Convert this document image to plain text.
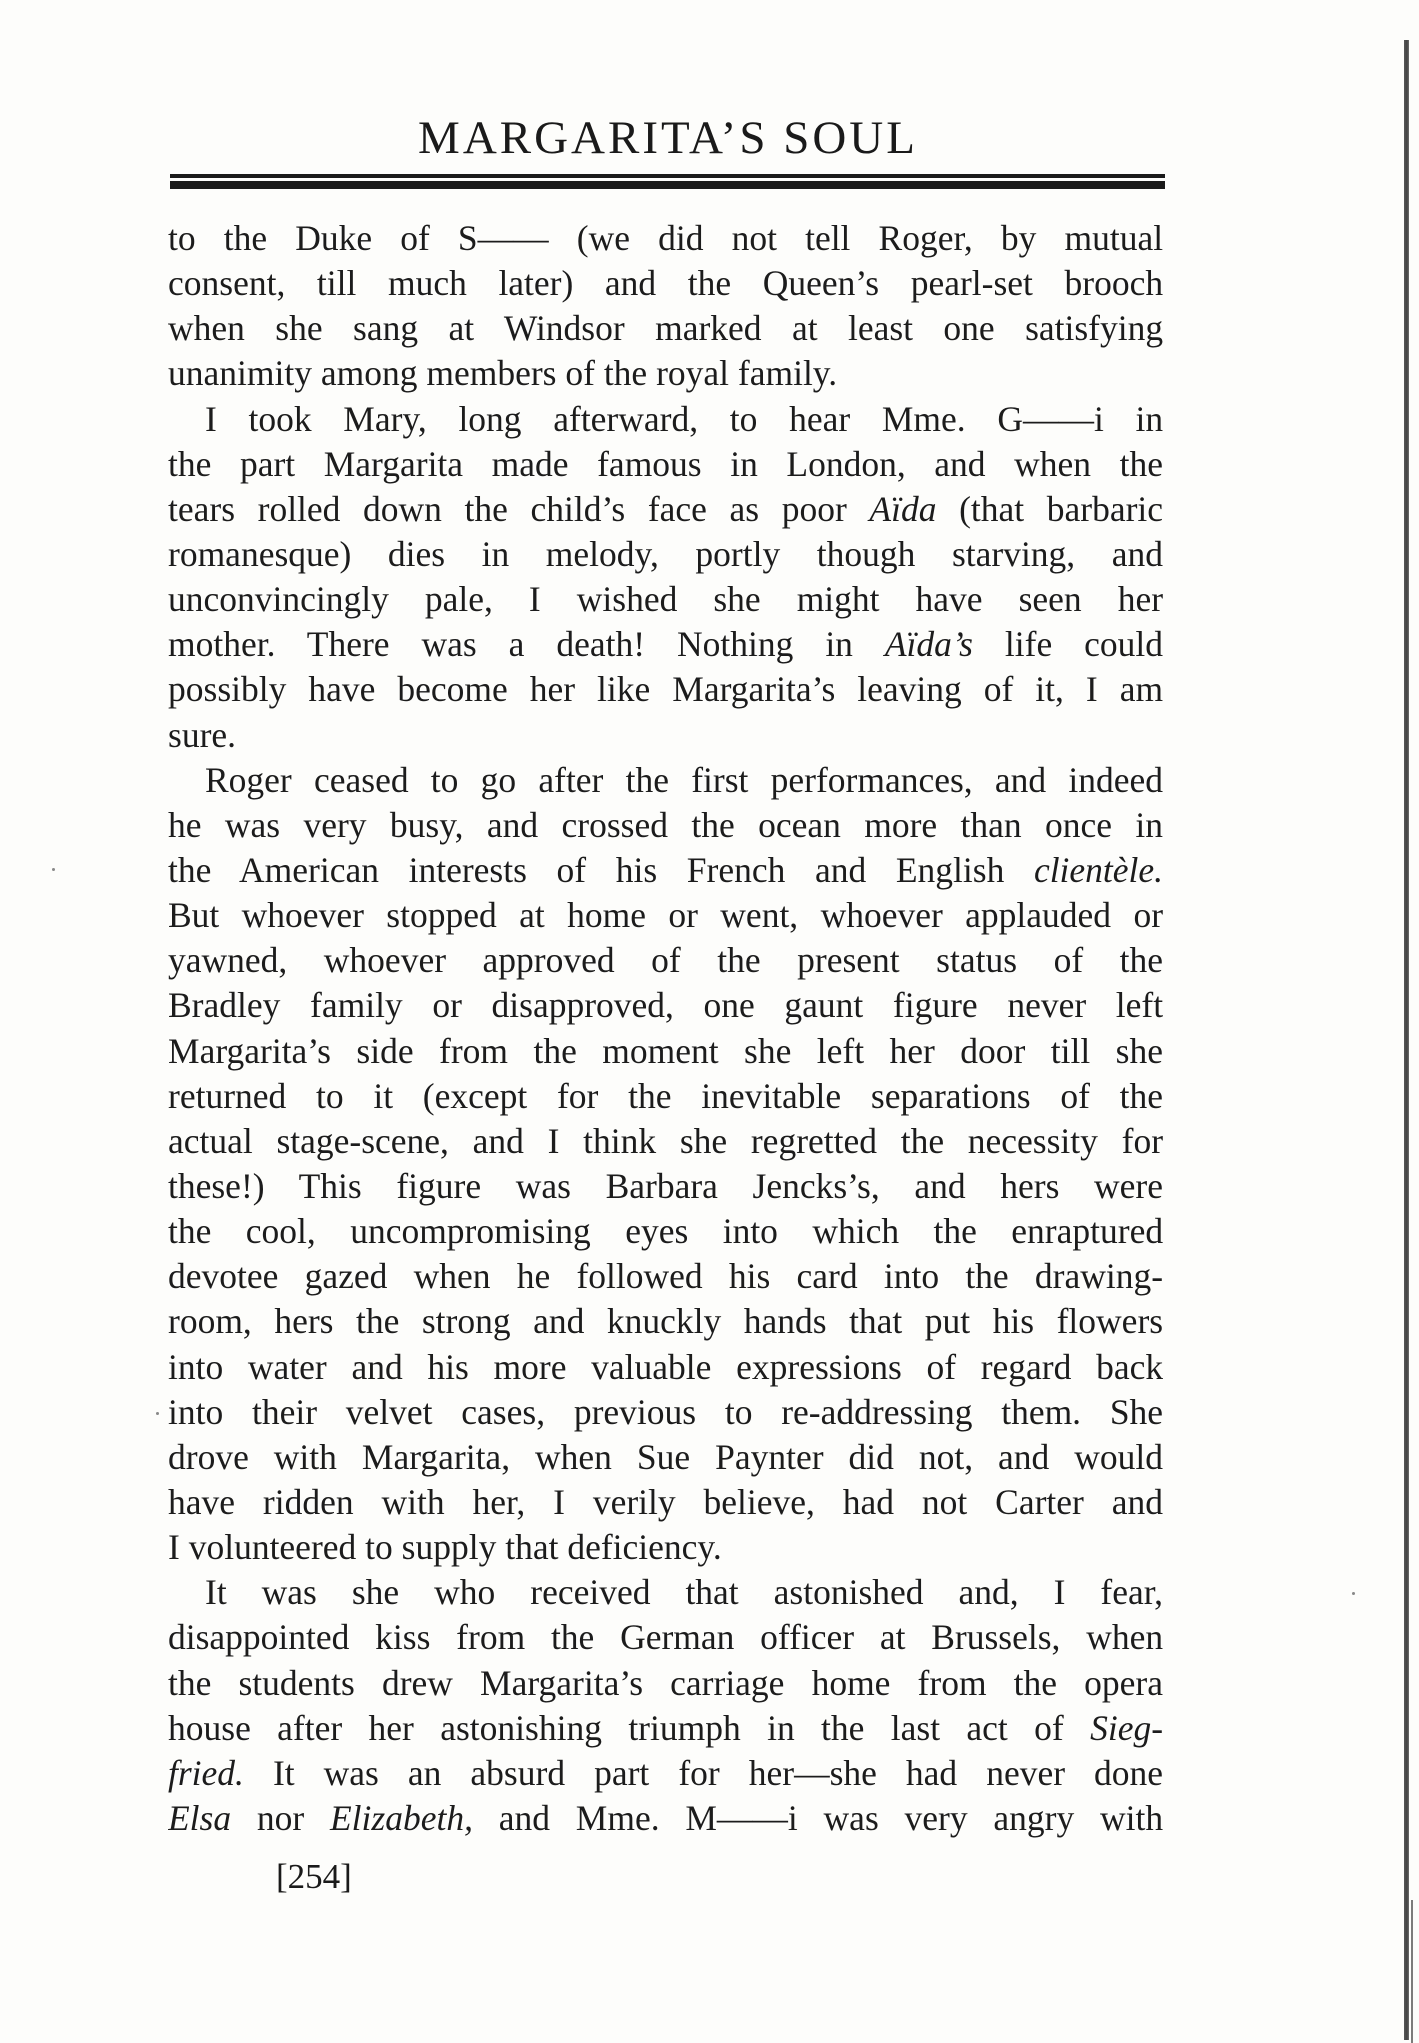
MARGARITA’S SOUL
to the Duke of S—— (we did not tell Roger, by mutual
consent, till much later) and the Queen’s pearl-set brooch
when she sang at Windsor marked at least one satisfying
unanimity among members of the royal family.
I took Mary, long afterward, to hear Mme. G——i in
the part Margarita made famous in London, and when the
tears rolled down the child’s face as poor Aïda (that barbaric
romanesque) dies in melody, portly though starving, and
unconvincingly pale, I wished she might have seen her
mother. There was a death! Nothing in Aïda’s life could
possibly have become her like Margarita’s leaving of it, I am
sure.
Roger ceased to go after the first performances, and indeed
he was very busy, and crossed the ocean more than once in
the American interests of his French and English clientèle.
But whoever stopped at home or went, whoever applauded or
yawned, whoever approved of the present status of the
Bradley family or disapproved, one gaunt figure never left
Margarita’s side from the moment she left her door till she
returned to it (except for the inevitable separations of the
actual stage-scene, and I think she regretted the necessity for
these!) This figure was Barbara Jencks’s, and hers were
the cool, uncompromising eyes into which the enraptured
devotee gazed when he followed his card into the drawing-
room, hers the strong and knuckly hands that put his flowers
into water and his more valuable expressions of regard back
into their velvet cases, previous to re-addressing them. She
drove with Margarita, when Sue Paynter did not, and would
have ridden with her, I verily believe, had not Carter and
I volunteered to supply that deficiency.
It was she who received that astonished and, I fear,
disappointed kiss from the German officer at Brussels, when
the students drew Margarita’s carriage home from the opera
house after her astonishing triumph in the last act of Sieg-
fried. It was an absurd part for her—she had never done
Elsa nor Elizabeth, and Mme. M——i was very angry with
[254]
